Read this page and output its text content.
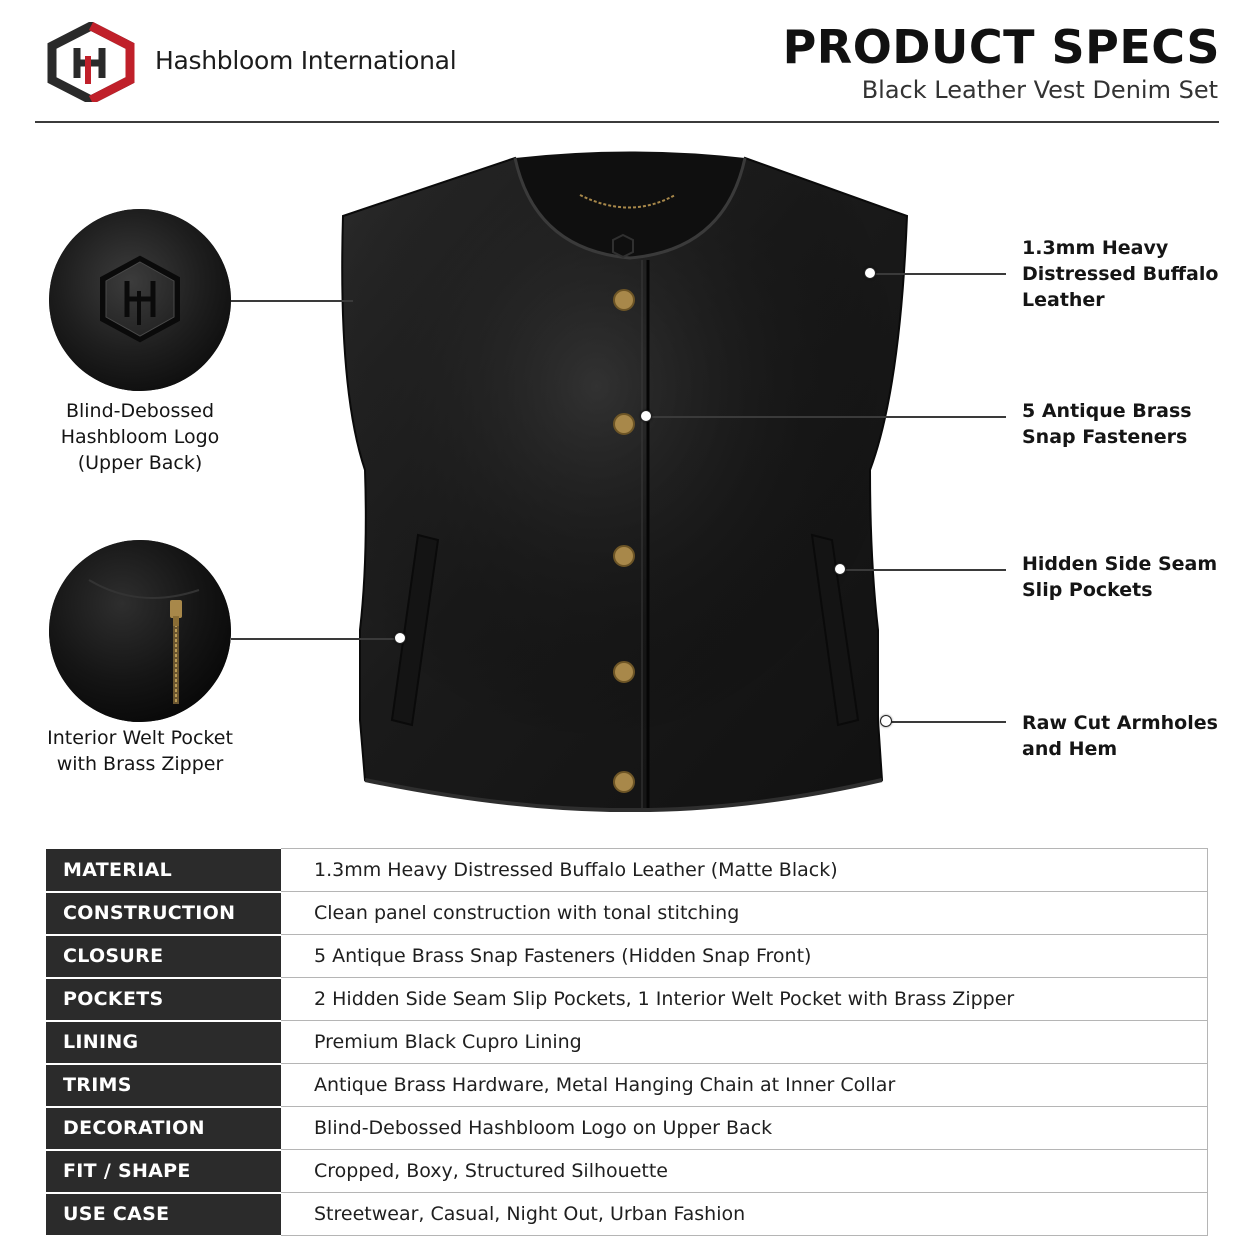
Hashbloom International	PRODUCT SPECS
Black Leather Vest Denim Set
Blind-Debossed
Hashbloom Logo
(Upper Back)
Interior Welt Pocket
with Brass Zipper
1.3mm Heavy
Distressed Buffalo
Leather
5 Antique Brass
Snap Fasteners
Hidden Side Seam
Slip Pockets
Raw Cut Armholes
and Hem
MATERIAL	1.3mm Heavy Distressed Buffalo Leather (Matte Black)
CONSTRUCTION	Clean panel construction with tonal stitching
CLOSURE	5 Antique Brass Snap Fasteners (Hidden Snap Front)
POCKETS	2 Hidden Side Seam Slip Pockets, 1 Interior Welt Pocket with Brass Zipper
LINING	Premium Black Cupro Lining
TRIMS	Antique Brass Hardware, Metal Hanging Chain at Inner Collar
DECORATION	Blind-Debossed Hashbloom Logo on Upper Back
FIT / SHAPE	Cropped, Boxy, Structured Silhouette
USE CASE	Streetwear, Casual, Night Out, Urban Fashion
